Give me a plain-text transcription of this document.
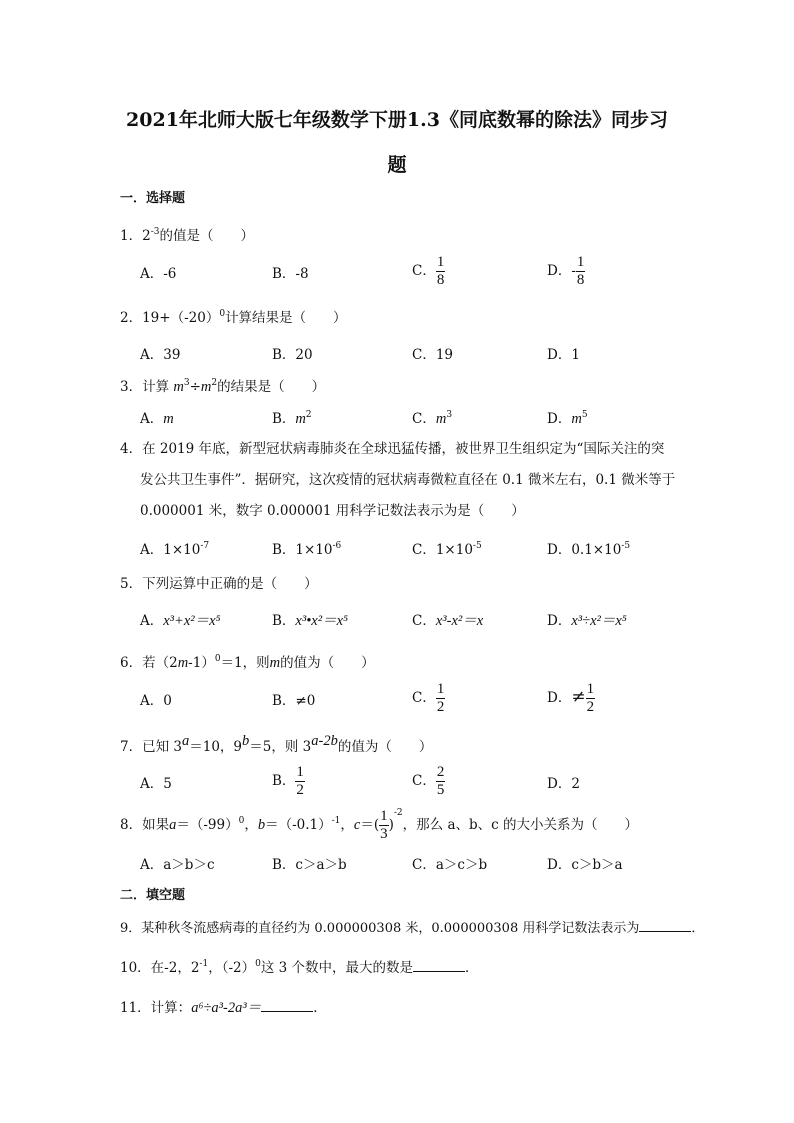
2021年北师大版七年级数学下册1.3《同底数幂的除法》同步习
题
一．选择题
1．$2^{-3}$的值是（　　）
A．-6	B．-8	C． $\frac{1}{8}$	D．- $\frac{1}{8}$
2．$19+(-20)^0$计算结果是（　　）
A．39	B．20	C．19	D．1
3．计算 $m^3\div m^2$的结果是（　　）
A．m	B．$m^2$	C．$m^3$	D．$m^5$
4．在 2019 年底，新型冠状病毒肺炎在全球迅猛传播，被世界卫生组织定为“国际关注的突
发公共卫生事件”．据研究，这次疫情的冠状病毒微粒直径在 0.1 微米左右，0.1 微米等于
0.000001 米，数字 0.000001 用科学记数法表示为是（　　）
A．$1\times 10^{-7}$	B．$1\times 10^{-6}$	C．$1\times 10^{-5}$	D．$0.1\times 10^{-5}$
5．下列运算中正确的是（　　）
A．x³+x²＝x⁵	B．x³•x²＝x⁵	C．x³-x²＝x	D．x³÷x²＝x⁵
6．若$(2m-1)^0=1$，则m的值为（　　）
A．0	B．≠0	C． $\frac{1}{2}$	D．≠ $\frac{1}{2}$
7．已知 $3^a=10$，$9^b=5$，则 $3^{a-2b}$的值为（　　）
A．5	B． $\frac{1}{2}$	C． $\frac{2}{5}$	D．2
8．如果$a=(-99)^0$，$b=(-0.1)^{-1}$，$c=( \frac{1}{3} )^{-2}$，那么 a、b、c 的大小关系为（　　）
A．a＞b＞c	B．c＞a＞b	C．a＞c＞b	D．c＞b＞a
二．填空题
9．某种秋冬流感病毒的直径约为 0.000000308 米，0.000000308 用科学记数法表示为	．
10．在-2，$2^{-1}$，$(-2)^0$这 3 个数中，最大的数是	．
11．计算：a⁶÷a³-2a³＝	．
